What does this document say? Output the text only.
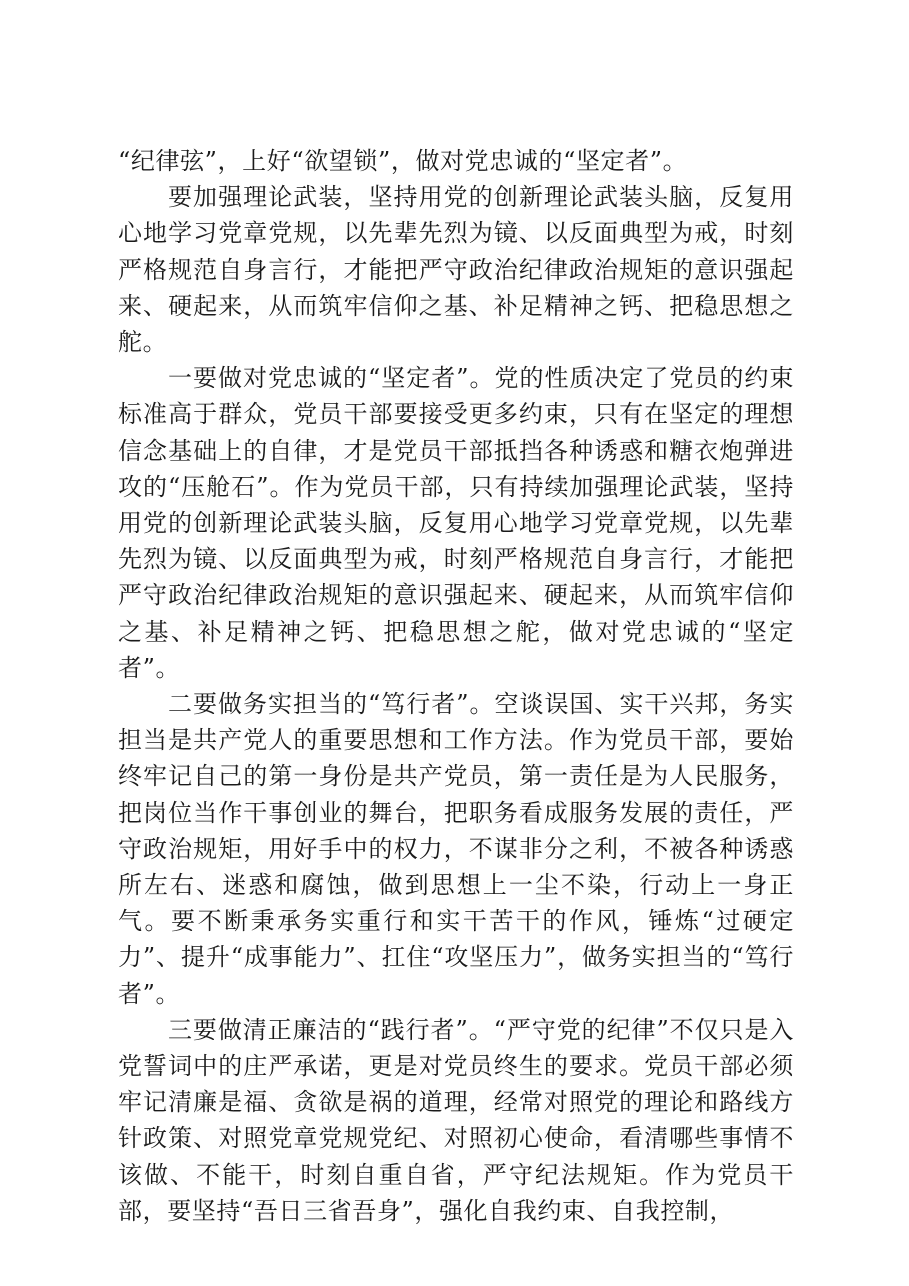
“纪律弦”，上好“欲望锁”，做对党忠诚的“坚定者”。

要加强理论武装，坚持用党的创新理论武装头脑，反复用心地学习党章党规，以先辈先烈为镜、以反面典型为戒，时刻严格规范自身言行，才能把严守政治纪律政治规矩的意识强起来、硬起来，从而筑牢信仰之基、补足精神之钙、把稳思想之舵。

一要做对党忠诚的“坚定者”。党的性质决定了党员的约束标准高于群众，党员干部要接受更多约束，只有在坚定的理想信念基础上的自律，才是党员干部抵挡各种诱惑和糖衣炮弹进攻的“压舱石”。作为党员干部，只有持续加强理论武装，坚持用党的创新理论武装头脑，反复用心地学习党章党规，以先辈先烈为镜、以反面典型为戒，时刻严格规范自身言行，才能把严守政治纪律政治规矩的意识强起来、硬起来，从而筑牢信仰之基、补足精神之钙、把稳思想之舵，做对党忠诚的“坚定者”。

二要做务实担当的“笃行者”。空谈误国、实干兴邦，务实担当是共产党人的重要思想和工作方法。作为党员干部，要始终牢记自己的第一身份是共产党员，第一责任是为人民服务，把岗位当作干事创业的舞台，把职务看成服务发展的责任，严守政治规矩，用好手中的权力，不谋非分之利，不被各种诱惑所左右、迷惑和腐蚀，做到思想上一尘不染，行动上一身正气。要不断秉承务实重行和实干苦干的作风，锤炼“过硬定力”、提升“成事能力”、扛住“攻坚压力”，做务实担当的“笃行者”。

三要做清正廉洁的“践行者”。“严守党的纪律”不仅只是入党誓词中的庄严承诺，更是对党员终生的要求。党员干部必须牢记清廉是福、贪欲是祸的道理，经常对照党的理论和路线方针政策、对照党章党规党纪、对照初心使命，看清哪些事情不该做、不能干，时刻自重自省，严守纪法规矩。作为党员干部，要坚持“吾日三省吾身”，强化自我约束、自我控制，
